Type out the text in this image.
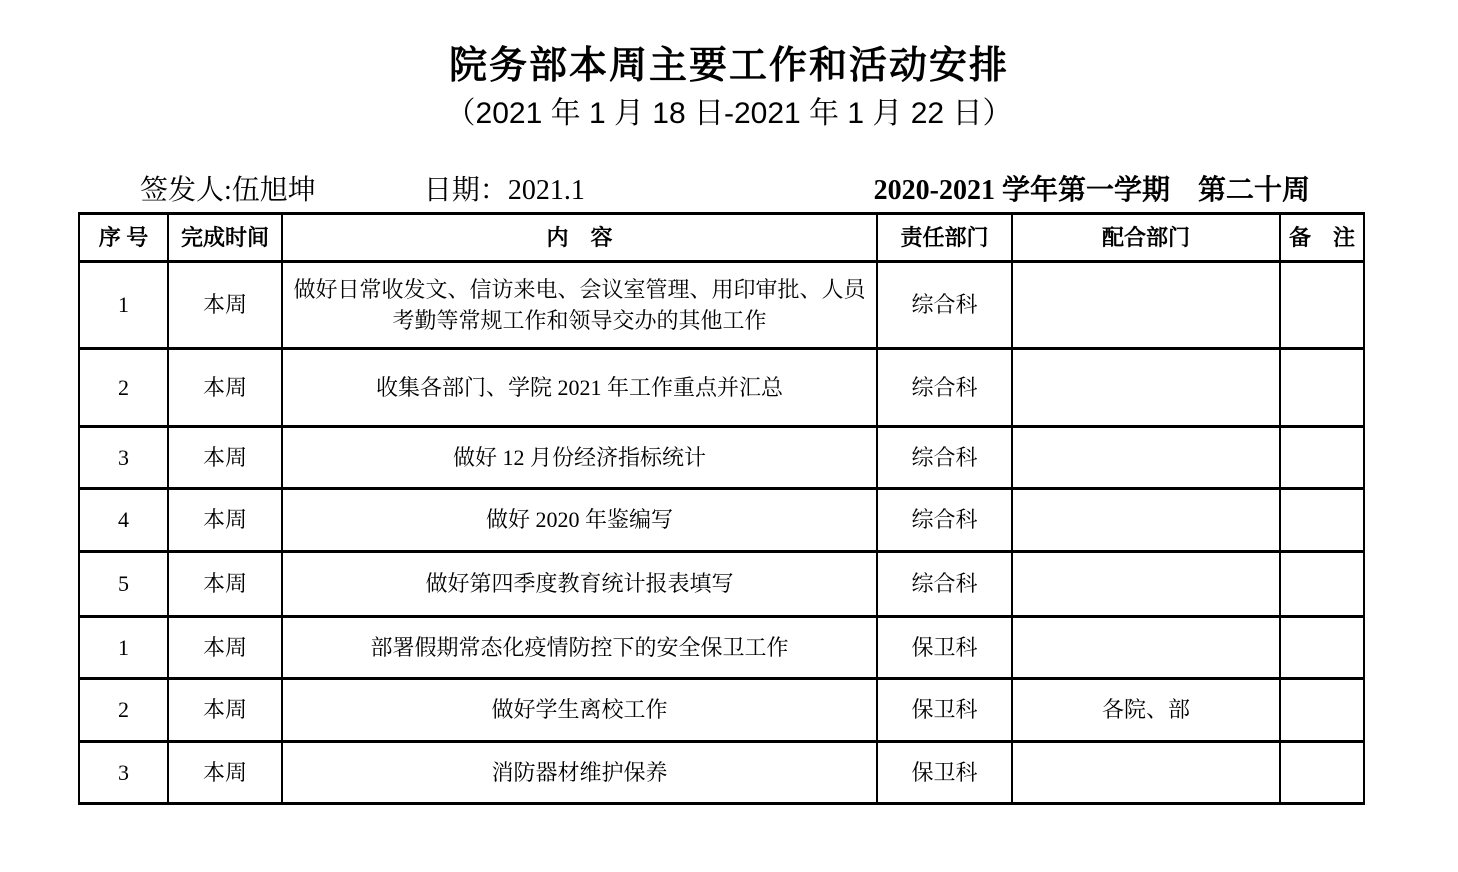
院务部本周主要工作和活动安排
（2021 年 1 月 18 日-2021 年 1 月 22 日）
签发人:伍旭坤	日期：2021.1	2020-2021 学年第一学期　第二十周
序 号	完成时间	内　容	责任部门	配合部门	备　注
1	本周	做好日常收发文、信访来电、会议室管理、用印审批、人员考勤等常规工作和领导交办的其他工作	综合科		
2	本周	收集各部门、学院 2021 年工作重点并汇总	综合科		
3	本周	做好 12 月份经济指标统计	综合科		
4	本周	做好 2020 年鉴编写	综合科		
5	本周	做好第四季度教育统计报表填写	综合科		
1	本周	部署假期常态化疫情防控下的安全保卫工作	保卫科		
2	本周	做好学生离校工作	保卫科	各院、部	
3	本周	消防器材维护保养	保卫科		
